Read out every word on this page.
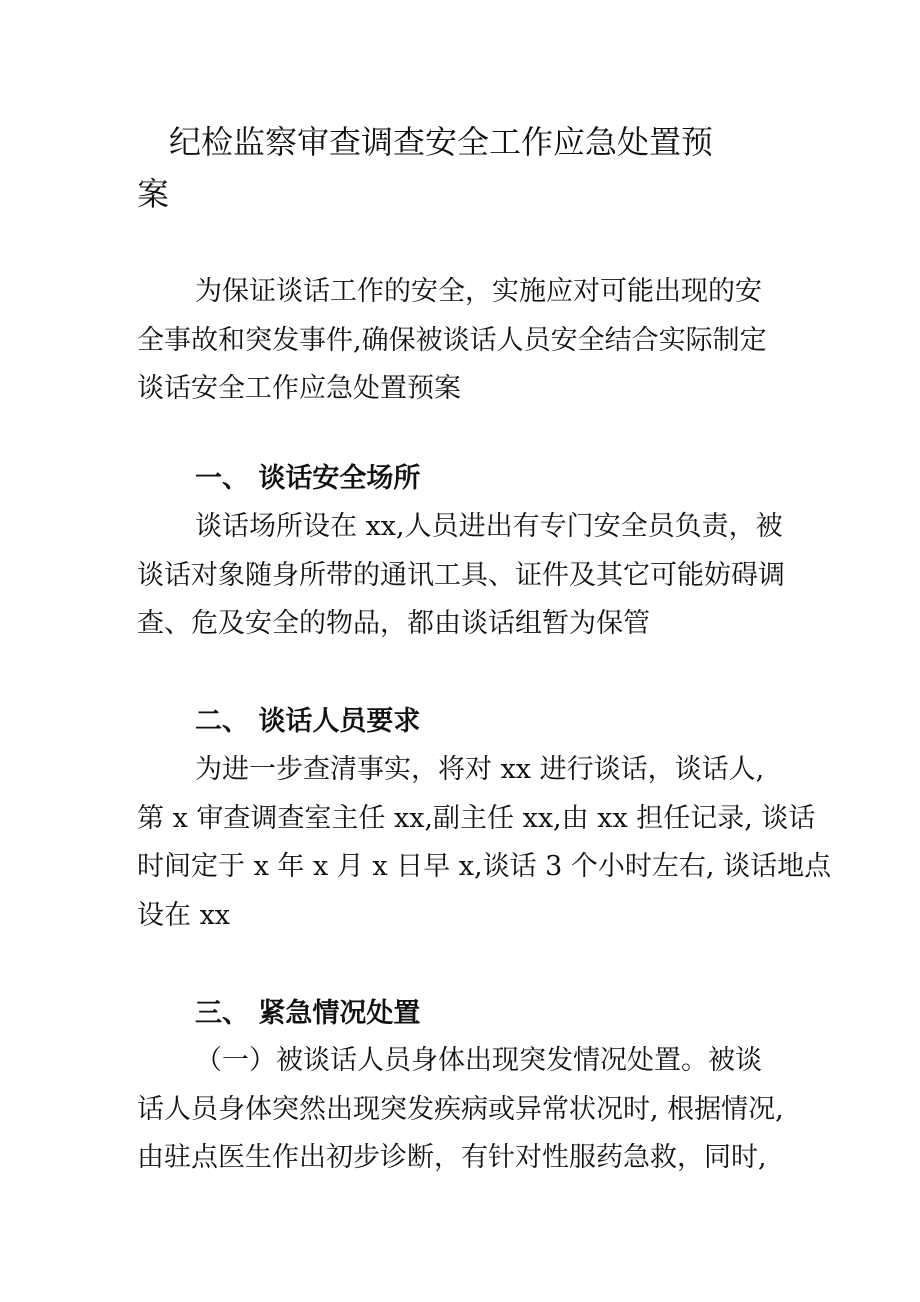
纪检监察审查调查安全工作应急处置预
案

为保证谈话工作的安全，实施应对可能出现的安
全事故和突发事件,确保被谈话人员安全结合实际制定
谈话安全工作应急处置预案

一、 谈话安全场所

谈话场所设在 xx,人员进出有专门安全员负责，被
谈话对象随身所带的通讯工具、证件及其它可能妨碍调
查、危及安全的物品，都由谈话组暂为保管

二、 谈话人员要求

为进一步查清事实，将对 xx 进行谈话，谈话人,
第 x 审查调查室主任 xx,副主任 xx,由 xx 担任记录, 谈话
时间定于 x 年 x 月 x 日早 x,谈话 3 个小时左右, 谈话地点
设在 xx

三、 紧急情况处置

（一）被谈话人员身体出现突发情况处置。被谈
话人员身体突然出现突发疾病或异常状况时, 根据情况,
由驻点医生作出初步诊断，有针对性服药急救，同时,
